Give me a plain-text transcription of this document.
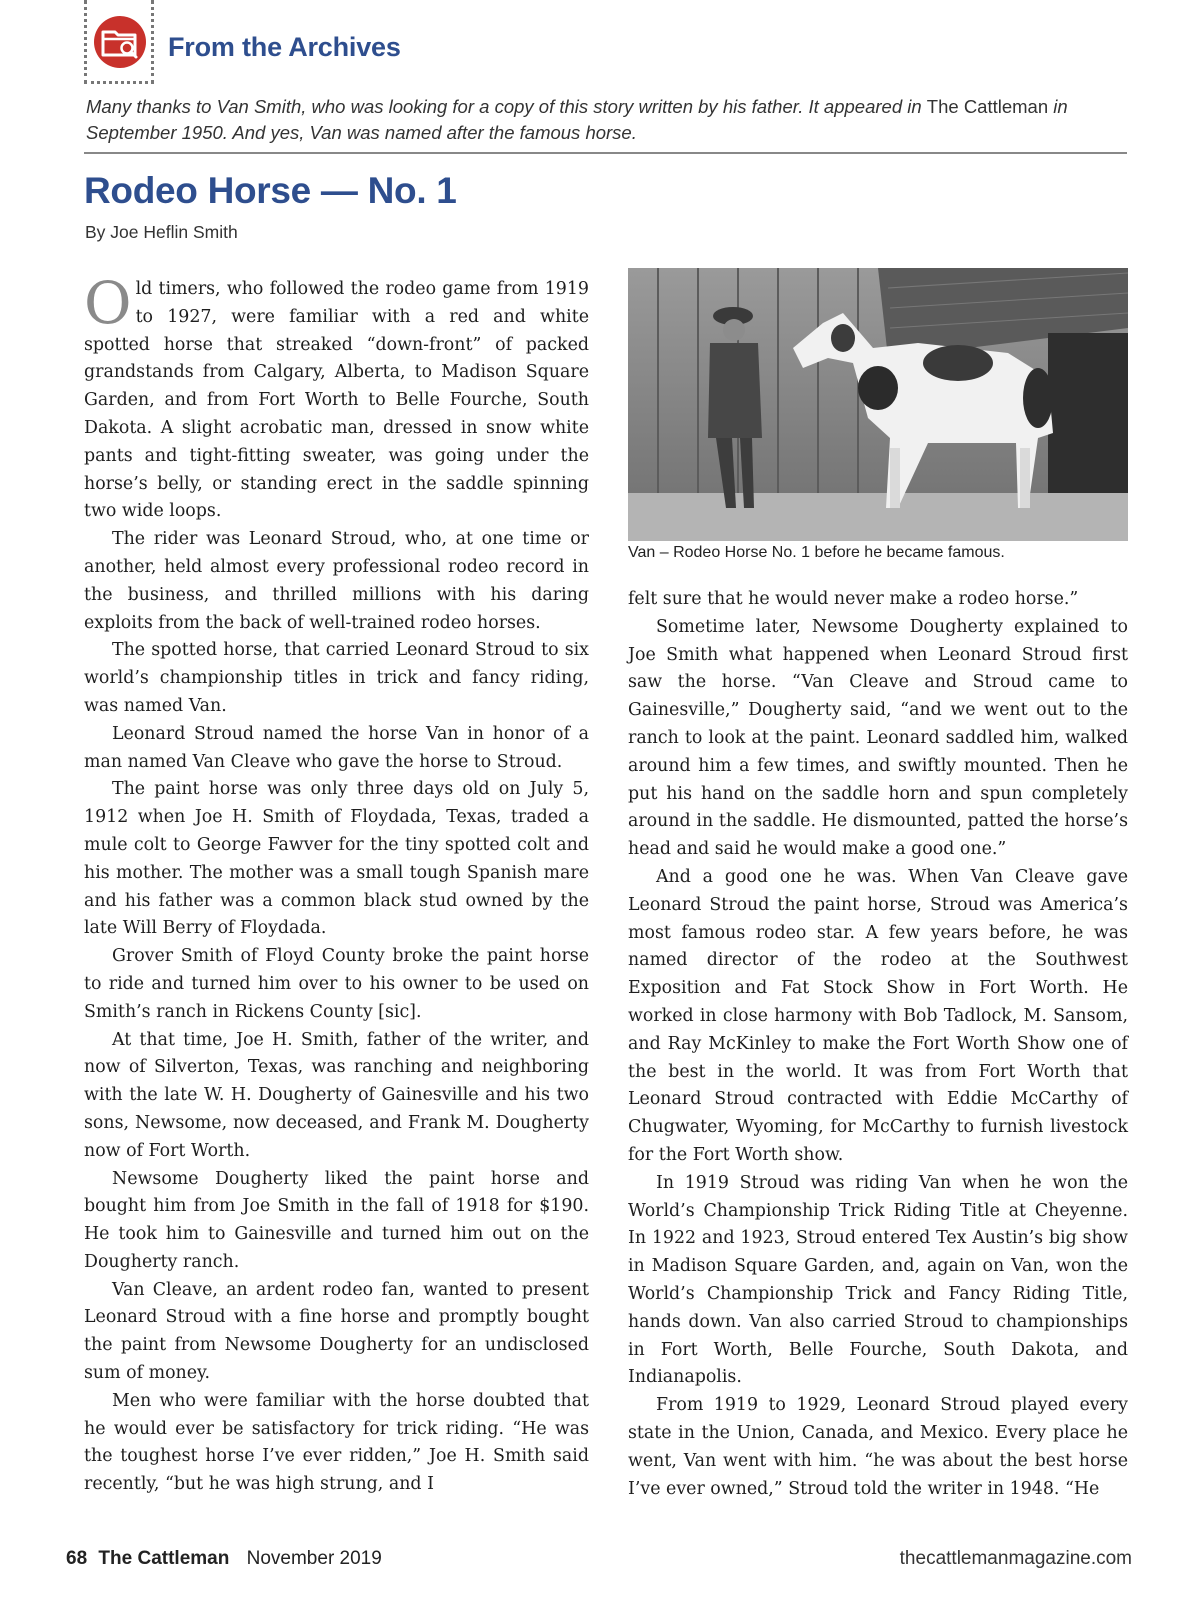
From the Archives
Many thanks to Van Smith, who was looking for a copy of this story written by his father. It appeared in The Cattleman in September 1950. And yes, Van was named after the famous horse.
Rodeo Horse — No. 1
By Joe Heflin Smith

Old timers, who followed the rodeo game from 1919 to 1927, were familiar with a red and white spotted horse that streaked “down-front” of packed grandstands from Calgary, Alberta, to Madison Square Garden, and from Fort Worth to Belle Fourche, South Dakota. A slight acrobatic man, dressed in snow white pants and tight-fitting sweater, was going under the horse’s belly, or standing erect in the saddle spinning two wide loops.

The rider was Leonard Stroud, who, at one time or another, held almost every professional rodeo record in the business, and thrilled millions with his daring exploits from the back of well-trained rodeo horses.

The spotted horse, that carried Leonard Stroud to six world’s championship titles in trick and fancy riding, was named Van.

Leonard Stroud named the horse Van in honor of a man named Van Cleave who gave the horse to Stroud.

The paint horse was only three days old on July 5, 1912 when Joe H. Smith of Floydada, Texas, traded a mule colt to George Fawver for the tiny spotted colt and his mother. The mother was a small tough Spanish mare and his father was a common black stud owned by the late Will Berry of Floydada.

Grover Smith of Floyd County broke the paint horse to ride and turned him over to his owner to be used on Smith’s ranch in Rickens County [sic].

At that time, Joe H. Smith, father of the writer, and now of Silverton, Texas, was ranching and neighboring with the late W. H. Dougherty of Gainesville and his two sons, Newsome, now deceased, and Frank M. Dougherty now of Fort Worth.

Newsome Dougherty liked the paint horse and bought him from Joe Smith in the fall of 1918 for $190. He took him to Gainesville and turned him out on the Dougherty ranch.

Van Cleave, an ardent rodeo fan, wanted to present Leonard Stroud with a fine horse and promptly bought the paint from Newsome Dougherty for an undisclosed sum of money.

Men who were familiar with the horse doubted that he would ever be satisfactory for trick riding. “He was the toughest horse I’ve ever ridden,” Joe H. Smith said recently, “but he was high strung, and I

Van – Rodeo Horse No. 1 before he became famous.

felt sure that he would never make a rodeo horse.”

Sometime later, Newsome Dougherty explained to Joe Smith what happened when Leonard Stroud first saw the horse. “Van Cleave and Stroud came to Gainesville,” Dougherty said, “and we went out to the ranch to look at the paint. Leonard saddled him, walked around him a few times, and swiftly mounted. Then he put his hand on the saddle horn and spun completely around in the saddle. He dismounted, patted the horse’s head and said he would make a good one.”

And a good one he was. When Van Cleave gave Leonard Stroud the paint horse, Stroud was America’s most famous rodeo star. A few years before, he was named director of the rodeo at the Southwest Exposition and Fat Stock Show in Fort Worth. He worked in close harmony with Bob Tadlock, M. Sansom, and Ray McKinley to make the Fort Worth Show one of the best in the world. It was from Fort Worth that Leonard Stroud contracted with Eddie McCarthy of Chugwater, Wyoming, for McCarthy to furnish livestock for the Fort Worth show.

In 1919 Stroud was riding Van when he won the World’s Championship Trick Riding Title at Cheyenne. In 1922 and 1923, Stroud entered Tex Austin’s big show in Madison Square Garden, and, again on Van, won the World’s Championship Trick and Fancy Riding Title, hands down. Van also carried Stroud to championships in Fort Worth, Belle Fourche, South Dakota, and Indianapolis.

From 1919 to 1929, Leonard Stroud played every state in the Union, Canada, and Mexico. Every place he went, Van went with him. “he was about the best horse I’ve ever owned,” Stroud told the writer in 1948. “He

68 The Cattleman November 2019	thecattlemanmagazine.com
